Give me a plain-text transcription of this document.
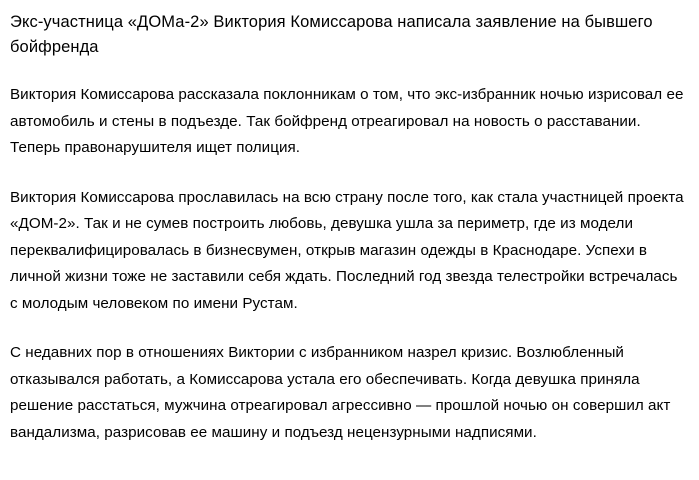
Экс-участница «ДОМа-2» Виктория Комиссарова написала заявление на бывшего бойфренда

Виктория Комиссарова рассказала поклонникам о том, что экс-избранник ночью изрисовал ее автомобиль и стены в подъезде. Так бойфренд отреагировал на новость о расставании. Теперь правонарушителя ищет полиция.

Виктория Комиссарова прославилась на всю страну после того, как стала участницей проекта «ДОМ-2». Так и не сумев построить любовь, девушка ушла за периметр, где из модели переквалифицировалась в бизнесвумен, открыв магазин одежды в Краснодаре. Успехи в личной жизни тоже не заставили себя ждать. Последний год звезда телестройки встречалась с молодым человеком по имени Рустам.

С недавних пор в отношениях Виктории с избранником назрел кризис. Возлюбленный отказывался работать, а Комиссарова устала его обеспечивать. Когда девушка приняла решение расстаться, мужчина отреагировал агрессивно — прошлой ночью он совершил акт вандализма, разрисовав ее машину и подъезд нецензурными надписями.
